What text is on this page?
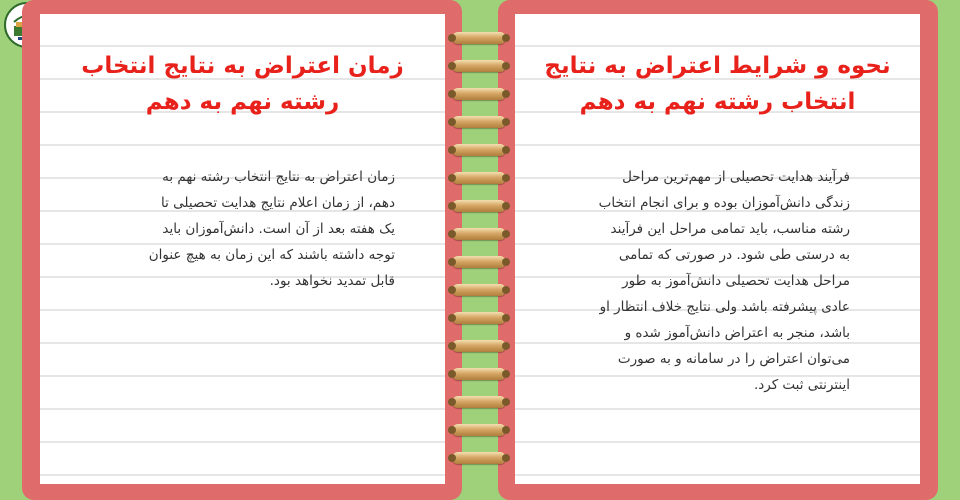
زمان اعتراض به نتایج انتخاب
رشته نهم به دهم
زمان اعتراض به نتایج انتخاب رشته نهم به
دهم، از زمان اعلام نتایج هدایت تحصیلی تا
یک هفته بعد از آن است. دانش‌آموزان باید
توجه داشته باشند که این زمان به هیچ عنوان
قابل تمدید نخواهد بود.
نحوه و شرایط اعتراض به نتایج
انتخاب رشته نهم به دهم
فرآیند هدایت تحصیلی از مهم‌ترین مراحل
زندگی دانش‌آموزان بوده و برای انجام انتخاب
رشته مناسب، باید تمامی مراحل این فرآیند
به درستی طی شود. در صورتی که تمامی
مراحل هدایت تحصیلی دانش‌آموز به طور
عادی پیشرفته باشد ولی نتایج خلاف انتظار او
باشد، منجر به اعتراض دانش‌آموز شده و
می‌توان اعتراض را در سامانه و به صورت
اینترنتی ثبت کرد.
